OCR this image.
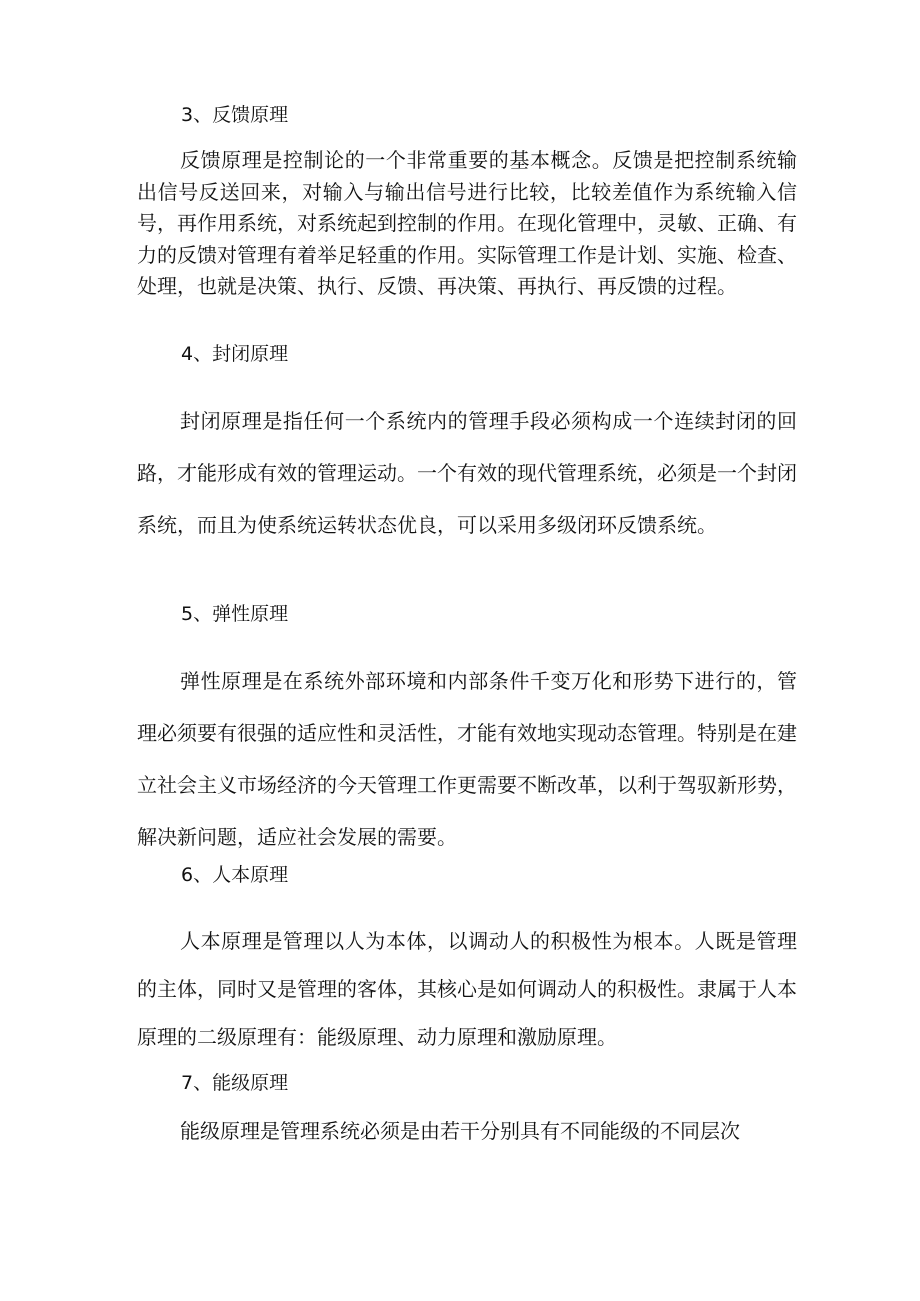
3、反馈原理

反馈原理是控制论的一个非常重要的基本概念。反馈是把控制系统输出信号反送回来，对输入与输出信号进行比较，比较差值作为系统输入信号，再作用系统，对系统起到控制的作用。在现化管理中，灵敏、正确、有力的反馈对管理有着举足轻重的作用。实际管理工作是计划、实施、检查、处理，也就是决策、执行、反馈、再决策、再执行、再反馈的过程。

4、封闭原理

封闭原理是指任何一个系统内的管理手段必须构成一个连续封闭的回路，才能形成有效的管理运动。一个有效的现代管理系统，必须是一个封闭系统，而且为使系统运转状态优良，可以采用多级闭环反馈系统。

5、弹性原理

弹性原理是在系统外部环境和内部条件千变万化和形势下进行的，管理必须要有很强的适应性和灵活性，才能有效地实现动态管理。特别是在建立社会主义市场经济的今天管理工作更需要不断改革，以利于驾驭新形势，解决新问题，适应社会发展的需要。

6、人本原理

人本原理是管理以人为本体，以调动人的积极性为根本。人既是管理的主体，同时又是管理的客体，其核心是如何调动人的积极性。隶属于人本原理的二级原理有：能级原理、动力原理和激励原理。

7、能级原理

能级原理是管理系统必须是由若干分别具有不同能级的不同层次
